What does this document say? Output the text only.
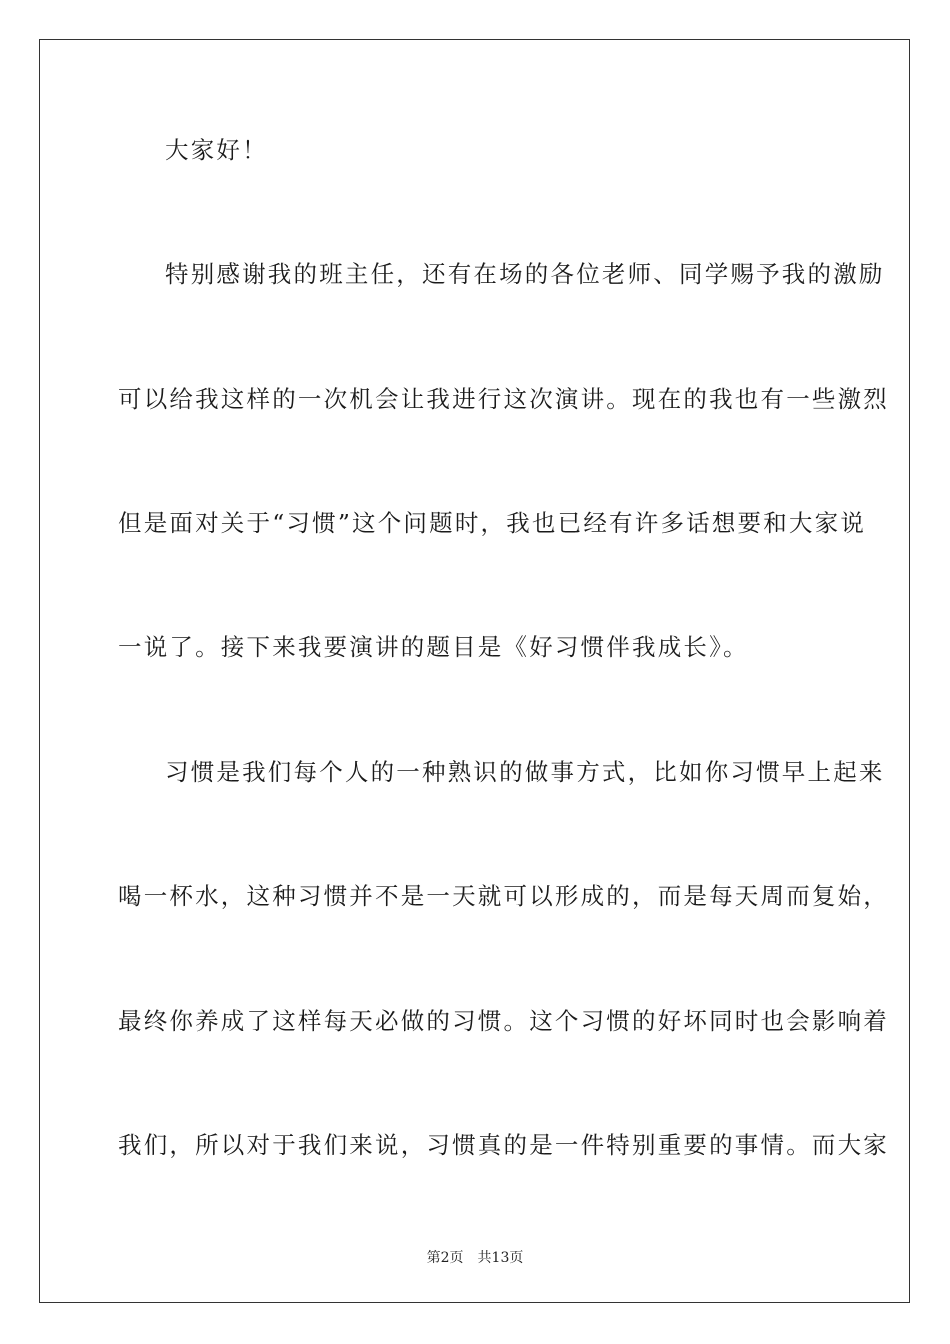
大家好！
特别感谢我的班主任，还有在场的各位老师、同学赐予我的激励
可以给我这样的一次机会让我进行这次演讲。现在的我也有一些激烈
但是面对关于“习惯”这个问题时，我也已经有许多话想要和大家说
一说了。接下来我要演讲的题目是《好习惯伴我成长》。
习惯是我们每个人的一种熟识的做事方式，比如你习惯早上起来
喝一杯水，这种习惯并不是一天就可以形成的，而是每天周而复始，
最终你养成了这样每天必做的习惯。这个习惯的好坏同时也会影响着
我们，所以对于我们来说，习惯真的是一件特别重要的事情。而大家
第2页 共13页
